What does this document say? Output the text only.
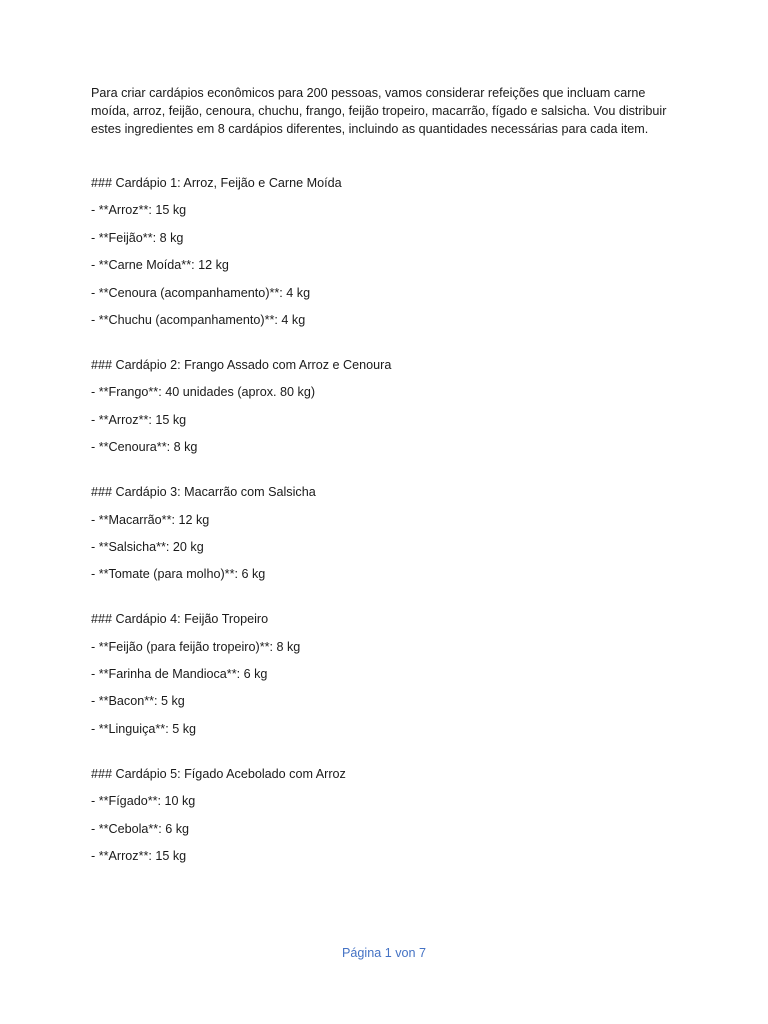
Para criar cardápios econômicos para 200 pessoas, vamos considerar refeições que incluam carne moída, arroz, feijão, cenoura, chuchu, frango, feijão tropeiro, macarrão, fígado e salsicha. Vou distribuir estes ingredientes em 8 cardápios diferentes, incluindo as quantidades necessárias para cada item.

### Cardápio 1: Arroz, Feijão e Carne Moída

- **Arroz**: 15 kg

- **Feijão**: 8 kg

- **Carne Moída**: 12 kg

- **Cenoura (acompanhamento)**: 4 kg

- **Chuchu (acompanhamento)**: 4 kg

### Cardápio 2: Frango Assado com Arroz e Cenoura

- **Frango**: 40 unidades (aprox. 80 kg)

- **Arroz**: 15 kg

- **Cenoura**: 8 kg

### Cardápio 3: Macarrão com Salsicha

- **Macarrão**: 12 kg

- **Salsicha**: 20 kg

- **Tomate (para molho)**: 6 kg

### Cardápio 4: Feijão Tropeiro

- **Feijão (para feijão tropeiro)**: 8 kg

- **Farinha de Mandioca**: 6 kg

- **Bacon**: 5 kg

- **Linguiça**: 5 kg

### Cardápio 5: Fígado Acebolado com Arroz

- **Fígado**: 10 kg

- **Cebola**: 6 kg

- **Arroz**: 15 kg

Página 1 von 7
